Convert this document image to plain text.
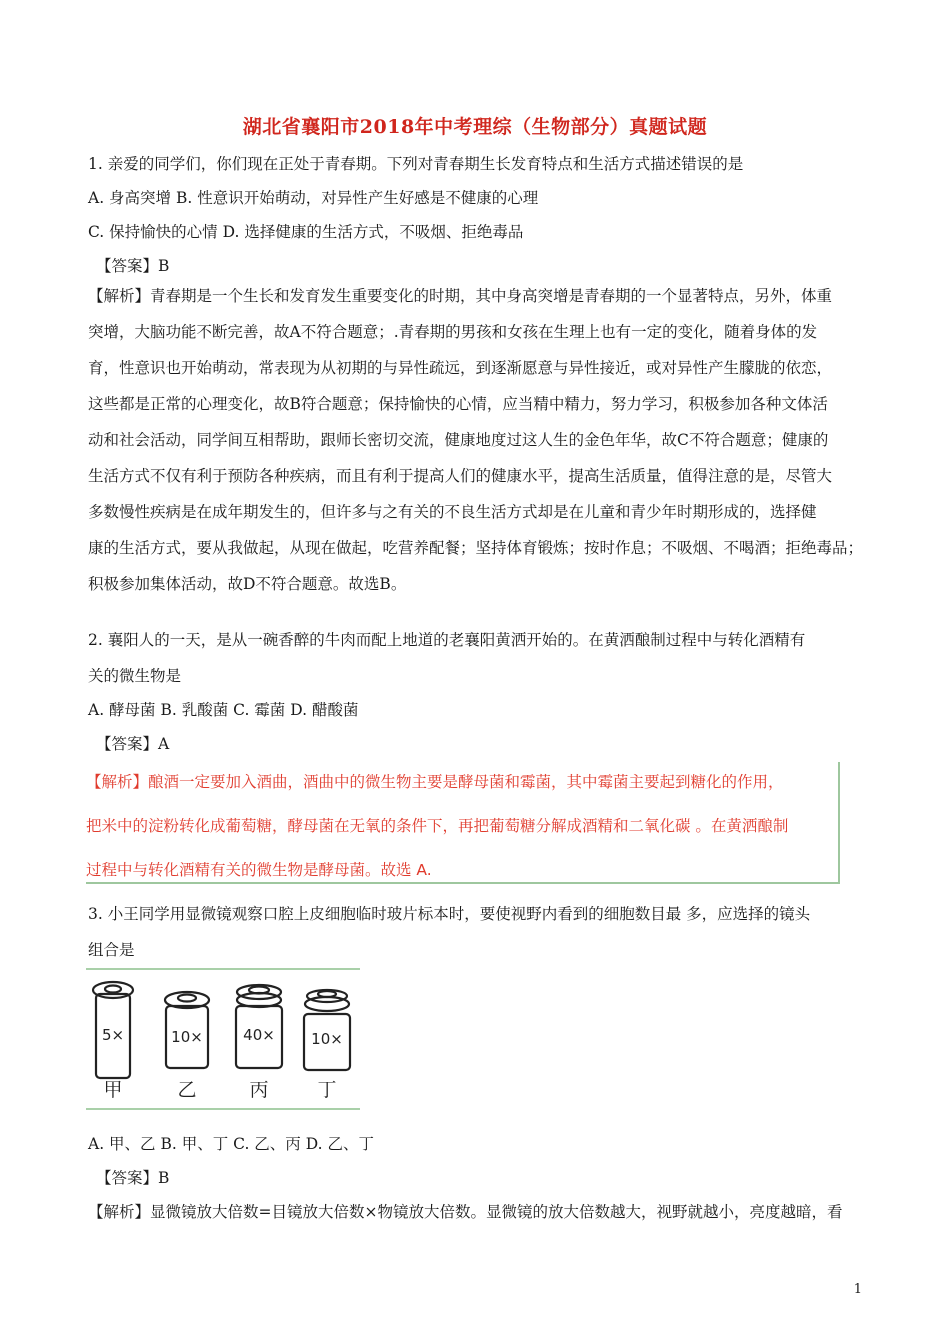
湖北省襄阳市2018年中考理综（生物部分）真题试题
1. 亲爱的同学们，你们现在正处于青春期。下列对青春期生长发育特点和生活方式描述错误的是
A. 身高突增 B. 性意识开始萌动，对异性产生好感是不健康的心理
C. 保持愉快的心情 D. 选择健康的生活方式，不吸烟、拒绝毒品
【答案】B
【解析】青春期是一个生长和发育发生重要变化的时期，其中身高突增是青春期的一个显著特点，另外，体重
突增，大脑功能不断完善，故A不符合题意；.青春期的男孩和女孩在生理上也有一定的变化，随着身体的发
育，性意识也开始萌动，常表现为从初期的与异性疏远，到逐渐愿意与异性接近，或对异性产生朦胧的依恋，
这些都是正常的心理变化，故B符合题意；保持愉快的心情，应当精中精力，努力学习，积极参加各种文体活
动和社会活动，同学间互相帮助，跟师长密切交流，健康地度过这人生的金色年华，故C不符合题意；健康的
生活方式不仅有利于预防各种疾病，而且有利于提高人们的健康水平，提高生活质量，值得注意的是，尽管大
多数慢性疾病是在成年期发生的，但许多与之有关的不良生活方式却是在儿童和青少年时期形成的，选择健
康的生活方式，要从我做起，从现在做起，吃营养配餐；坚持体育锻炼；按时作息；不吸烟、不喝酒；拒绝毒品；
积极参加集体活动，故D不符合题意。故选B。
2. 襄阳人的一天，是从一碗香醉的牛肉而配上地道的老襄阳黄洒开始的。在黄洒酿制过程中与转化酒精有
关的微生物是
A. 酵母菌 B. 乳酸菌 C. 霉菌 D. 醋酸菌
【答案】A
【解析】酿酒一定要加入酒曲，酒曲中的微生物主要是酵母菌和霉菌，其中霉菌主要起到糖化的作用，
把米中的淀粉转化成葡萄糖，酵母菌在无氧的条件下，再把葡萄糖分解成酒精和二氧化碳 。在黄洒酿制
过程中与转化酒精有关的微生物是酵母菌。故选 A.
3. 小王同学用显微镜观察口腔上皮细胞临时玻片标本时，要使视野内看到的细胞数目最 多，应选择的镜头
组合是
5×	10×	40× 10×
甲	乙	丙	丁
A. 甲、乙 B. 甲、丁 C. 乙、丙 D. 乙、丁
【答案】B
【解析】显微镜放大倍数=目镜放大倍数×物镜放大倍数。显微镜的放大倍数越大，视野就越小，亮度越暗，看
1
